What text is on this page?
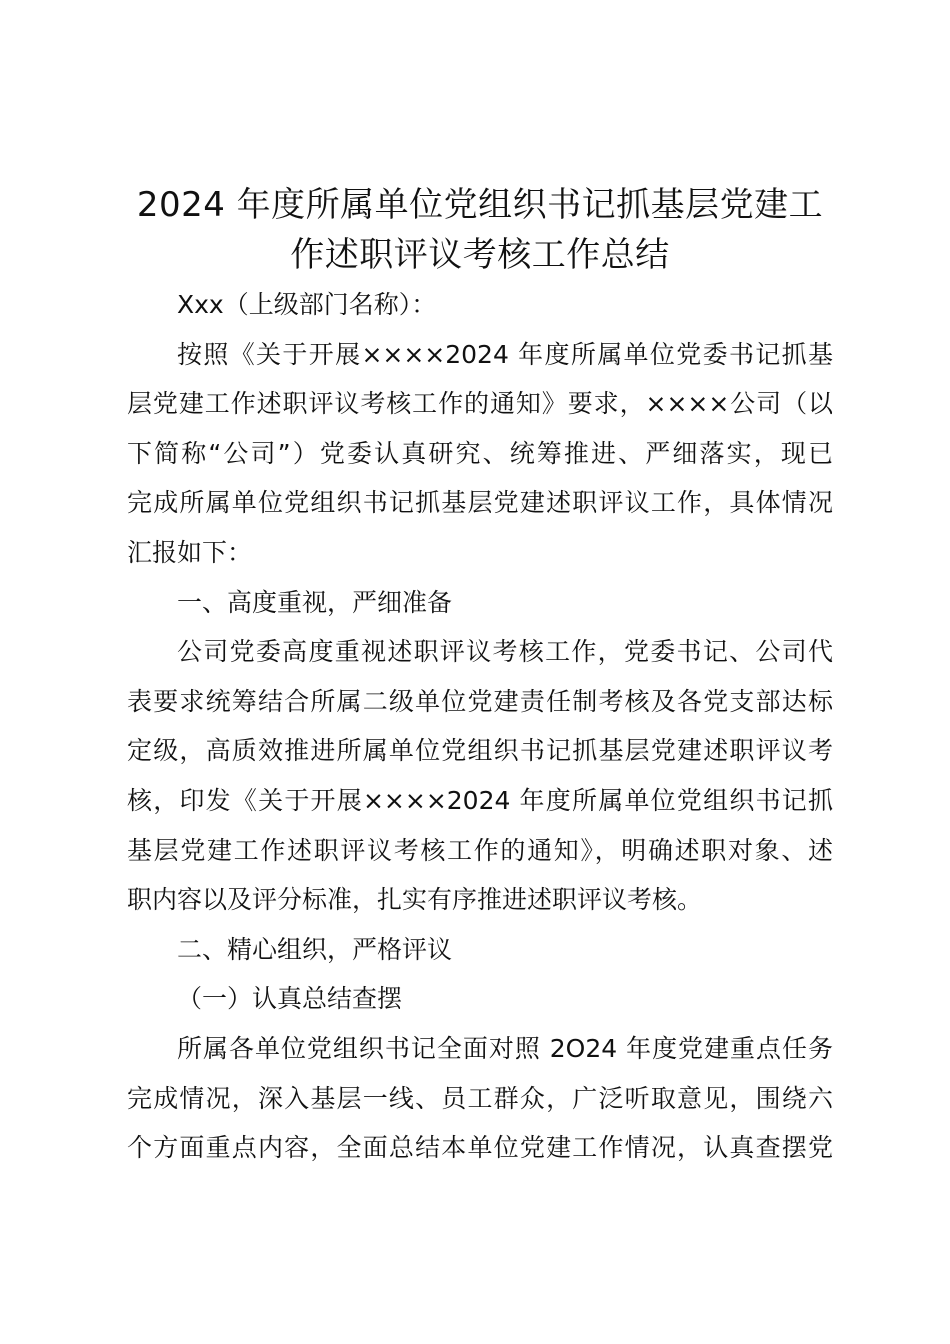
2024 年度所属单位党组织书记抓基层党建工
作述职评议考核工作总结
Xxx（上级部门名称）：
按照《关于开展××××2024 年度所属单位党委书记抓基
层党建工作述职评议考核工作的通知》要求，××××公司（以
下简称“公司”）党委认真研究、统筹推进、严细落实，现已
完成所属单位党组织书记抓基层党建述职评议工作，具体情况
汇报如下：
一、高度重视，严细准备
公司党委高度重视述职评议考核工作，党委书记、公司代
表要求统筹结合所属二级单位党建责任制考核及各党支部达标
定级，高质效推进所属单位党组织书记抓基层党建述职评议考
核，印发《关于开展××××2024 年度所属单位党组织书记抓
基层党建工作述职评议考核工作的通知》，明确述职对象、述
职内容以及评分标准，扎实有序推进述职评议考核。
二、精心组织，严格评议
（一）认真总结查摆
所属各单位党组织书记全面对照 2O24 年度党建重点任务
完成情况，深入基层一线、员工群众，广泛听取意见，围绕六
个方面重点内容，全面总结本单位党建工作情况，认真查摆党
